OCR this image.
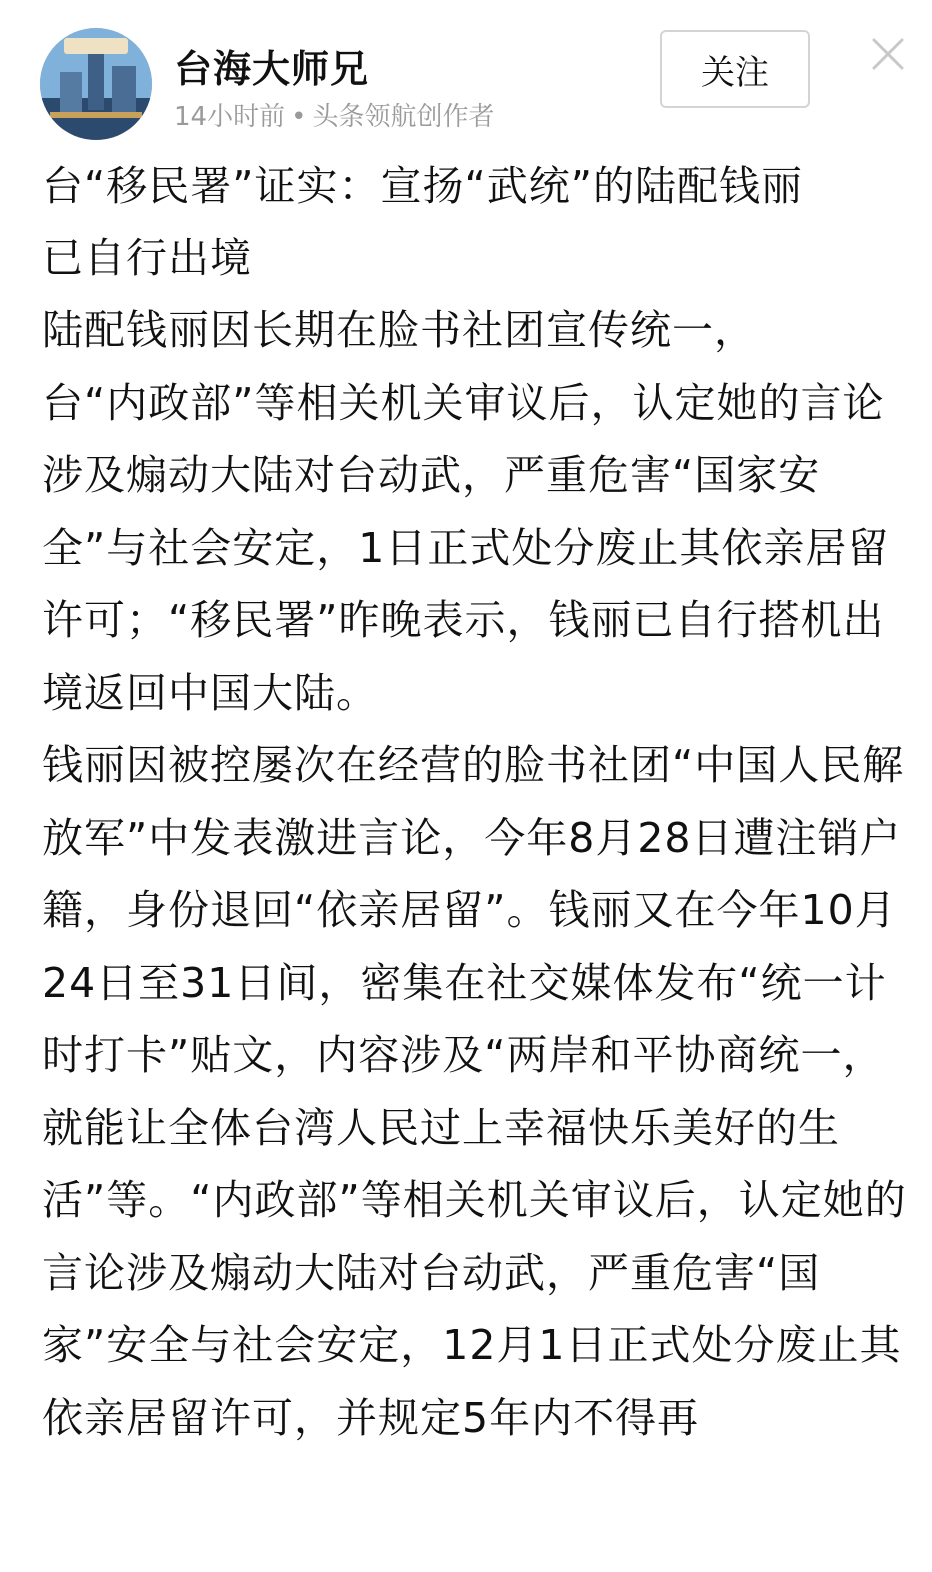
台海大师兄
14小时前 • 头条领航创作者
关注
台“移民署”证实：宣扬“武统”的陆配钱丽
已自行出境

陆配钱丽因长期在脸书社团宣传统一，

台“内政部”等相关机关审议后，认定她的言论涉及煽动大陆对台动武，严重危害“国家安全”与社会安定，1日正式处分废止其依亲居留许可；“移民署”昨晚表示，钱丽已自行搭机出境返回中国大陆。

钱丽因被控屡次在经营的脸书社团“中国人民解放军”中发表激进言论，今年8月28日遭注销户籍，身份退回“依亲居留”。钱丽又在今年10月24日至31日间，密集在社交媒体发布“统一计时打卡”贴文，内容涉及“两岸和平协商统一，就能让全体台湾人民过上幸福快乐美好的生活”等。“内政部”等相关机关审议后，认定她的言论涉及煽动大陆对台动武，严重危害“国家”安全与社会安定，12月1日正式处分废止其依亲居留许可，并规定5年内不得再
